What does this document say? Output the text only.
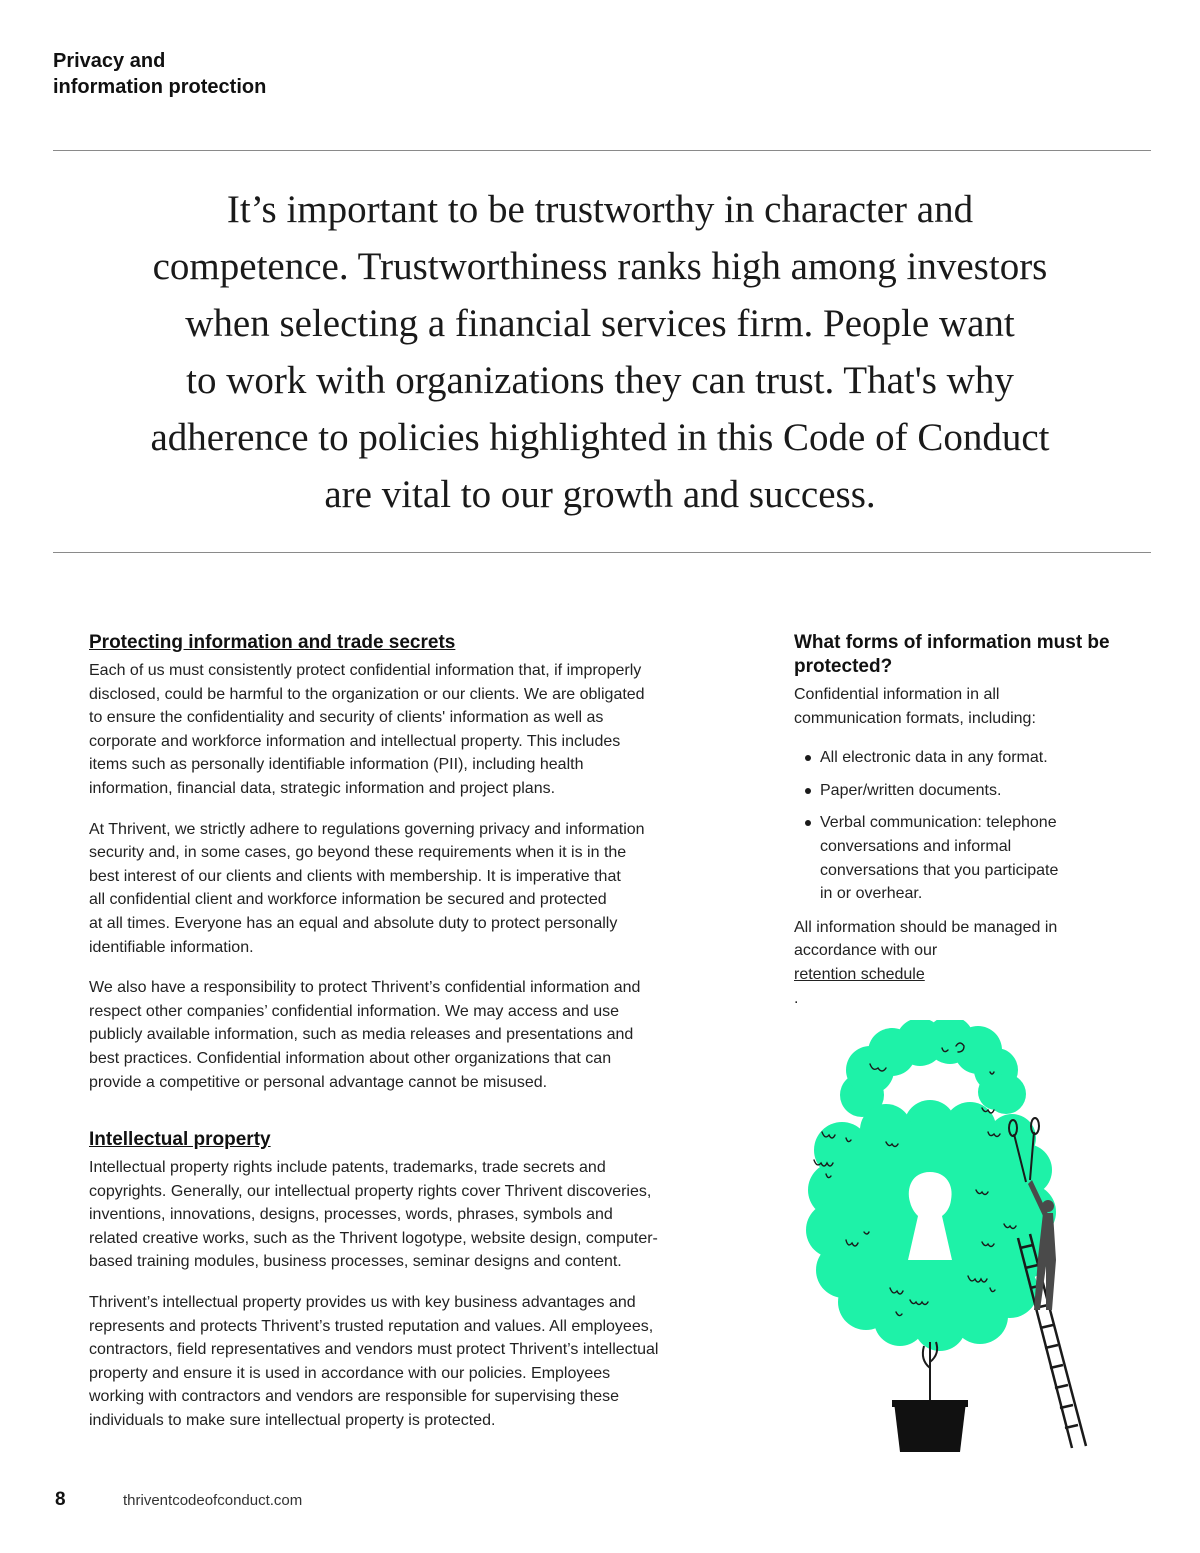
Privacy and
information protection

It’s important to be trustworthy in character and
competence. Trustworthiness ranks high among investors
when selecting a financial services firm. People want
to work with organizations they can trust. That's why
adherence to policies highlighted in this Code of Conduct
are vital to our growth and success.

Protecting information and trade secrets

Each of us must consistently protect confidential information that, if improperly
disclosed, could be harmful to the organization or our clients. We are obligated
to ensure the confidentiality and security of clients' information as well as
corporate and workforce information and intellectual property. This includes
items such as personally identifiable information (PII), including health
information, financial data, strategic information and project plans.

At Thrivent, we strictly adhere to regulations governing privacy and information
security and, in some cases, go beyond these requirements when it is in the
best interest of our clients and clients with membership. It is imperative that
all confidential client and workforce information be secured and protected
at all times. Everyone has an equal and absolute duty to protect personally
identifiable information.

We also have a responsibility to protect Thrivent’s confidential information and
respect other companies’ confidential information. We may access and use
publicly available information, such as media releases and presentations and
best practices. Confidential information about other organizations that can
provide a competitive or personal advantage cannot be misused.

Intellectual property

Intellectual property rights include patents, trademarks, trade secrets and
copyrights. Generally, our intellectual property rights cover Thrivent discoveries,
inventions, innovations, designs, processes, words, phrases, symbols and
related creative works, such as the Thrivent logotype, website design, computer-
based training modules, business processes, seminar designs and content.

Thrivent’s intellectual property provides us with key business advantages and
represents and protects Thrivent’s trusted reputation and values. All employees,
contractors, field representatives and vendors must protect Thrivent’s intellectual
property and ensure it is used in accordance with our policies. Employees
working with contractors and vendors are responsible for supervising these
individuals to make sure intellectual property is protected.

What forms of information must be protected?

Confidential information in all
communication formats, including:

All electronic data in any format.
Paper/written documents.
Verbal communication: telephone
conversations and informal
conversations that you participate
in or overhear.

All information should be managed in
accordance with our
retention schedule
.

8	thriventcodeofconduct.com
